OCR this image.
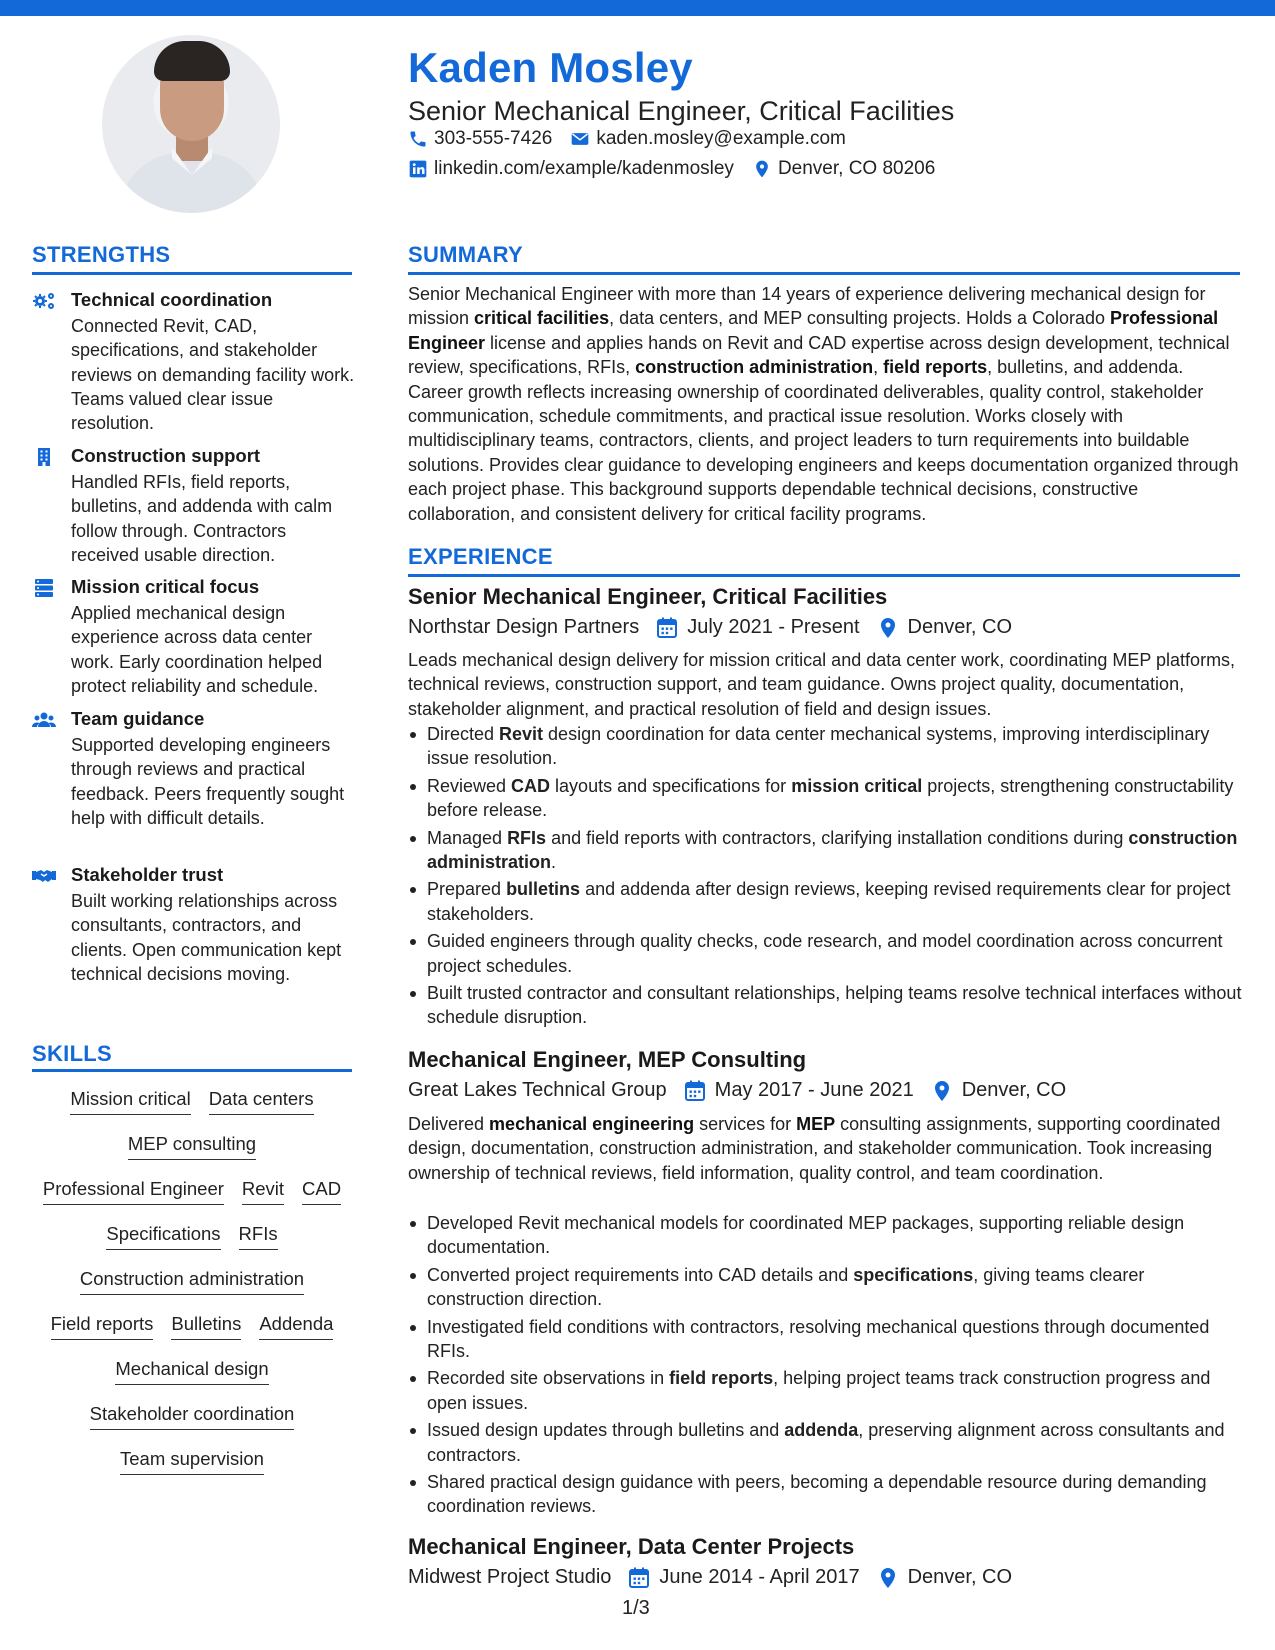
Kaden Mosley
Senior Mechanical Engineer, Critical Facilities
303-555-7426 kaden.mosley@example.com
linkedin.com/example/kadenmosley Denver, CO 80206
STRENGTHS
Technical coordination
Connected Revit, CAD, specifications, and stakeholder reviews on demanding facility work. Teams valued clear issue resolution.
Construction support
Handled RFIs, field reports, bulletins, and addenda with calm follow through. Contractors received usable direction.
Mission critical focus
Applied mechanical design experience across data center work. Early coordination helped protect reliability and schedule.
Team guidance
Supported developing engineers through reviews and practical feedback. Peers frequently sought help with difficult details.
Stakeholder trust
Built working relationships across consultants, contractors, and clients. Open communication kept technical decisions moving.
SKILLS
Mission critical Data centers
MEP consulting
Professional Engineer Revit CAD
Specifications RFIs
Construction administration
Field reports Bulletins Addenda
Mechanical design
Stakeholder coordination
Team supervision
SUMMARY
Senior Mechanical Engineer with more than 14 years of experience delivering mechanical design for mission critical facilities, data centers, and MEP consulting projects. Holds a Colorado Professional Engineer license and applies hands on Revit and CAD expertise across design development, technical review, specifications, RFIs, construction administration, field reports, bulletins, and addenda. Career growth reflects increasing ownership of coordinated deliverables, quality control, stakeholder communication, schedule commitments, and practical issue resolution. Works closely with multidisciplinary teams, contractors, clients, and project leaders to turn requirements into buildable solutions. Provides clear guidance to developing engineers and keeps documentation organized through each project phase. This background supports dependable technical decisions, constructive collaboration, and consistent delivery for critical facility programs.
EXPERIENCE
Senior Mechanical Engineer, Critical Facilities
Northstar Design Partners July 2021 - Present Denver, CO
Leads mechanical design delivery for mission critical and data center work, coordinating MEP platforms, technical reviews, construction support, and team guidance. Owns project quality, documentation, stakeholder alignment, and practical resolution of field and design issues.
Directed Revit design coordination for data center mechanical systems, improving interdisciplinary issue resolution.
Reviewed CAD layouts and specifications for mission critical projects, strengthening constructability before release.
Managed RFIs and field reports with contractors, clarifying installation conditions during construction administration.
Prepared bulletins and addenda after design reviews, keeping revised requirements clear for project stakeholders.
Guided engineers through quality checks, code research, and model coordination across concurrent project schedules.
Built trusted contractor and consultant relationships, helping teams resolve technical interfaces without schedule disruption.
Mechanical Engineer, MEP Consulting
Great Lakes Technical Group May 2017 - June 2021 Denver, CO
Delivered mechanical engineering services for MEP consulting assignments, supporting coordinated design, documentation, construction administration, and stakeholder communication. Took increasing ownership of technical reviews, field information, quality control, and team coordination.
Developed Revit mechanical models for coordinated MEP packages, supporting reliable design documentation.
Converted project requirements into CAD details and specifications, giving teams clearer construction direction.
Investigated field conditions with contractors, resolving mechanical questions through documented RFIs.
Recorded site observations in field reports, helping project teams track construction progress and open issues.
Issued design updates through bulletins and addenda, preserving alignment across consultants and contractors.
Shared practical design guidance with peers, becoming a dependable resource during demanding coordination reviews.
Mechanical Engineer, Data Center Projects
Midwest Project Studio June 2014 - April 2017 Denver, CO
1/3
